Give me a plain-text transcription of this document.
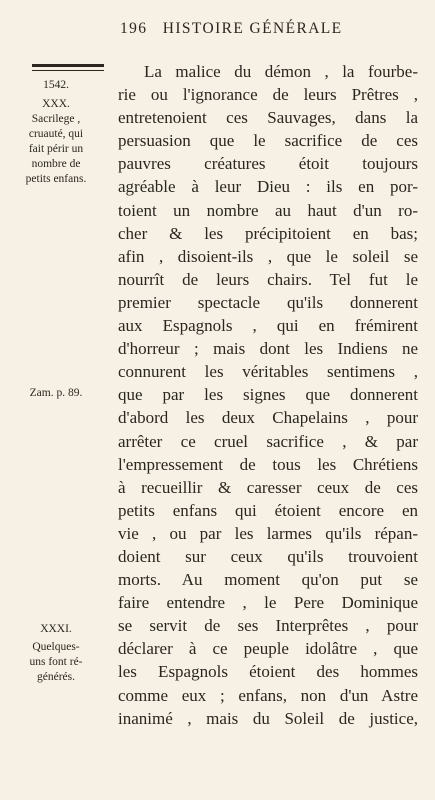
196 HISTOIRE GÉNÉRALE
1542.
XXX.
Sacrilege ,
cruauté, qui
fait périr un
nombre de
petits enfans.
Zam. p. 89.
XXXI.
Quelques-
uns font ré-
générés.
La malice du démon , la fourbe-
rie ou l'ignorance de leurs Prêtres ,
entretenoient ces Sauvages, dans la
persuasion que le sacrifice de ces
pauvres créatures étoit toujours
agréable à leur Dieu : ils en por-
toient un nombre au haut d'un ro-
cher & les précipitoient en bas;
afin , disoient-ils , que le soleil se
nourrît de leurs chairs. Tel fut le
premier spectacle qu'ils donnerent
aux Espagnols , qui en frémirent
d'horreur ; mais dont les Indiens ne
connurent les véritables sentimens ,
que par les signes que donnerent
d'abord les deux Chapelains , pour
arrêter ce cruel sacrifice , & par
l'empressement de tous les Chrétiens
à recueillir & caresser ceux de ces
petits enfans qui étoient encore en
vie , ou par les larmes qu'ils répan-
doient sur ceux qu'ils trouvoient
morts. Au moment qu'on put se
faire entendre , le Pere Dominique
se servit de ses Interprêtes , pour
déclarer à ce peuple idolâtre , que
les Espagnols étoient des hommes
comme eux ; enfans, non d'un Astre
inanimé , mais du Soleil de justice,
